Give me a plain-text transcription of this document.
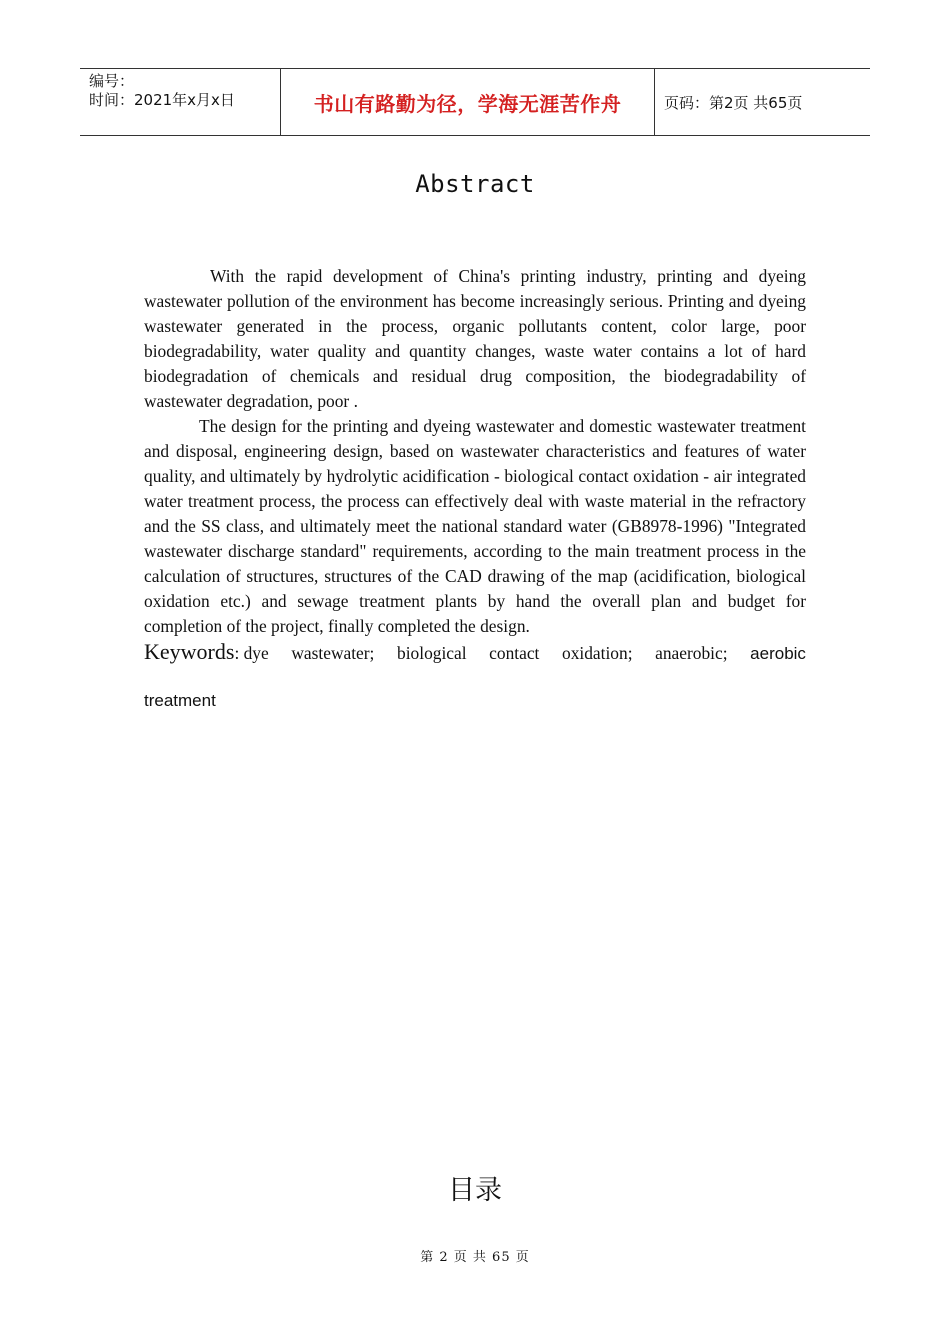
编号：
时间：2021年x月x日	书山有路勤为径，学海无涯苦作舟	页码：第2页 共65页
Abstract

With the rapid development of China's printing industry, printing and dyeing wastewater pollution of the environment has become increasingly serious. Printing and dyeing wastewater generated in the process, organic pollutants content, color large, poor biodegradability, water quality and quantity changes, waste water contains a lot of hard biodegradation of chemicals and residual drug composition, the biodegradability of wastewater degradation, poor .

The design for the printing and dyeing wastewater and domestic wastewater treatment and disposal, engineering design, based on wastewater characteristics and features of water quality, and ultimately by hydrolytic acidification - biological contact oxidation - air integrated water treatment process, the process can effectively deal with waste material in the refractory and the SS class, and ultimately meet the national standard water (GB8978-1996) "Integrated wastewater discharge standard" requirements, according to the main treatment process in the calculation of structures, structures of the CAD drawing of the map (acidification, biological oxidation etc.) and sewage treatment plants by hand the overall plan and budget for completion of the project, finally completed the design.

Keywords: dye wastewater; biological contact oxidation; anaerobic; aerobic
treatment
目录
第 2 页 共 65 页
